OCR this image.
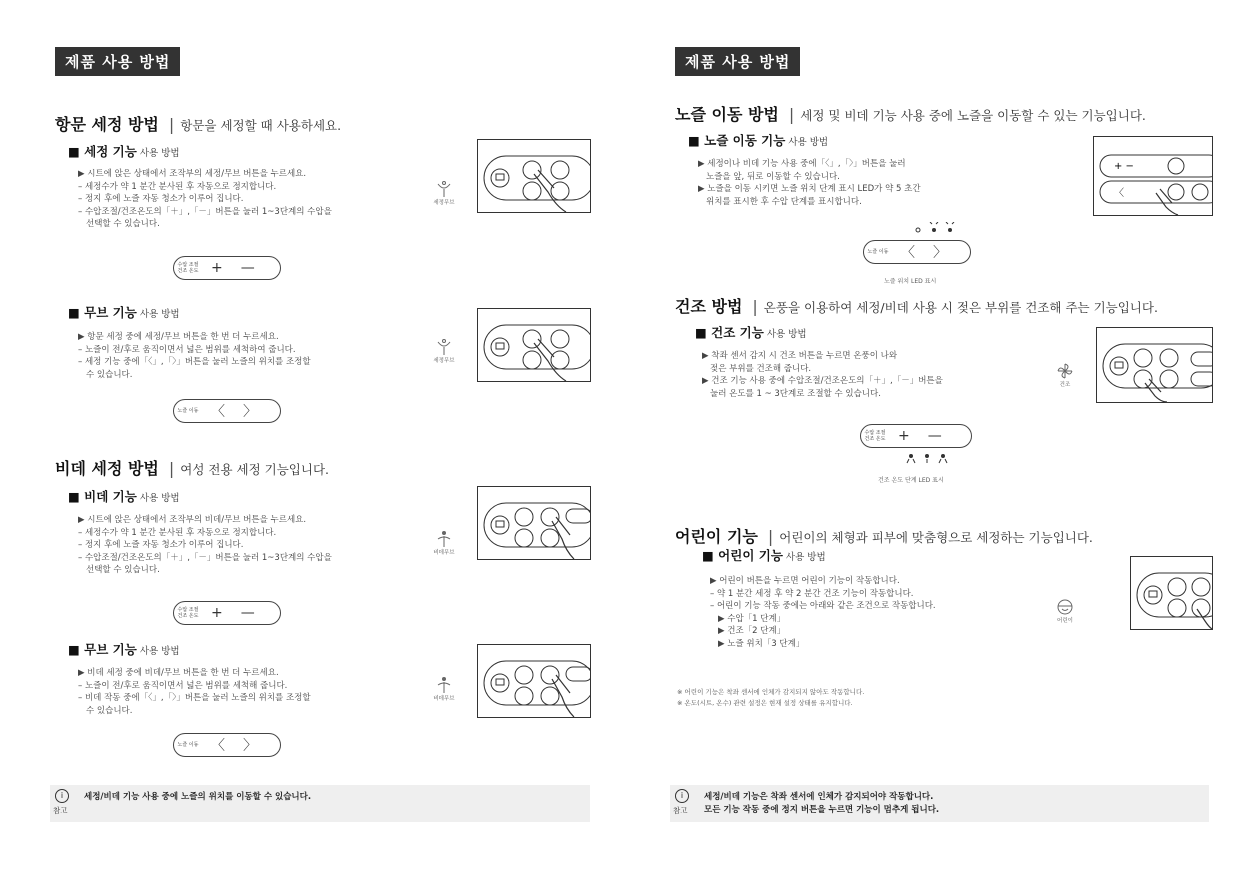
제품 사용 방법
항문 세정 방법 | 항문을 세정할 때 사용하세요.
■ 세정 기능 사용 방법
▶ 시트에 앉은 상태에서 조작부의 세정/무브 버튼을 누르세요.
– 세정수가 약 1 분간 분사된 후 자동으로 정지합니다.
– 정지 후에 노즐 자동 청소가 이루어 집니다.
– 수압조절/건조온도의「＋」,「－」버튼을 눌러 1~3단계의 수압을
선택할 수 있습니다.
수압 조절
건조 온도 + —
세정무브
■ 무브 기능 사용 방법
▶ 항문 세정 중에 세정/무브 버튼을 한 번 더 누르세요.
– 노즐이 전/후로 움직이면서 넓은 범위를 세척하여 줍니다.
– 세정 기능 중에「〈」,「〉」버튼을 눌러 노즐의 위치를 조정할
수 있습니다.
노즐 이동 〈 〉
세정무브
비데 세정 방법 | 여성 전용 세정 기능입니다.
■ 비데 기능 사용 방법
▶ 시트에 앉은 상태에서 조작부의 비데/무브 버튼을 누르세요.
– 세정수가 약 1 분간 분사된 후 자동으로 정지합니다.
– 정지 후에 노즐 자동 청소가 이루어 집니다.
– 수압조절/건조온도의「＋」,「－」버튼을 눌러 1~3단계의 수압을
선택할 수 있습니다.
수압 조절
건조 온도 + —
비데무브
■ 무브 기능 사용 방법
▶ 비데 세정 중에 비데/무브 버튼을 한 번 더 누르세요.
– 노즐이 전/후로 움직이면서 넓은 범위를 세척해 줍니다.
– 비데 작동 중에「〈」,「〉」버튼을 눌러 노즐의 위치를 조정할
수 있습니다.
노즐 이동 〈 〉
비데무브
i
참고
세정/비데 기능 사용 중에 노즐의 위치를 이동할 수 있습니다.
제품 사용 방법
노즐 이동 방법 | 세정 및 비데 기능 사용 중에 노즐을 이동할 수 있는 기능입니다.
■ 노즐 이동 기능 사용 방법
▶ 세정이나 비데 기능 사용 중에「〈」,「〉」버튼을 눌러
노즐을 앞, 뒤로 이동할 수 있습니다.
▶ 노즐을 이동 시키면 노즐 위치 단계 표시 LED가 약 5 초간
위치를 표시한 후 수압 단계를 표시합니다.
노즐 이동 〈 〉
노즐 위치 LED 표시
+ −
〈
건조 방법 | 온풍을 이용하여 세정/비데 사용 시 젖은 부위를 건조해 주는 기능입니다.
■ 건조 기능 사용 방법
▶ 착좌 센서 감지 시 건조 버튼을 누르면 온풍이 나와
젖은 부위를 건조해 줍니다.
▶ 건조 기능 사용 중에 수압조절/건조온도의「＋」,「－」버튼을
눌러 온도를 1 ~ 3단계로 조절할 수 있습니다.
수압 조절
건조 온도 + —
건조 온도 단계 LED 표시
건조
어린이 기능 | 어린이의 체형과 피부에 맞춤형으로 세정하는 기능입니다.
■ 어린이 기능 사용 방법
▶ 어린이 버튼을 누르면 어린이 기능이 작동합니다.
– 약 1 분간 세정 후 약 2 분간 건조 기능이 작동합니다.
– 어린이 기능 작동 중에는 아래와 같은 조건으로 작동합니다.
▶ 수압「1 단계」
▶ 건조「2 단계」
▶ 노즐 위치「3 단계」
어린이
※ 어린이 기능은 착좌 센서에 인체가 감지되지 않아도 작동합니다.
※ 온도(시트, 온수) 관련 설정은 현재 설정 상태를 유지합니다.
i
참고
세정/비데 기능은 착좌 센서에 인체가 감지되어야 작동합니다.
모든 기능 작동 중에 정지 버튼을 누르면 기능이 멈추게 됩니다.
